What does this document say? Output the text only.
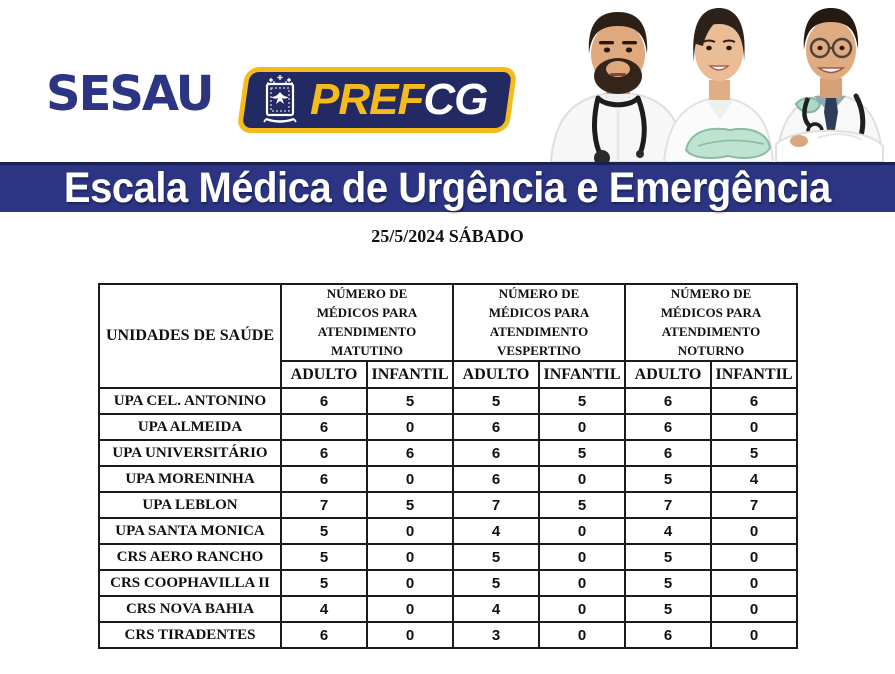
SESAU PREFCG
Escala Médica de Urgência e Emergência
25/5/2024 SÁBADO
UNIDADES DE SAÚDE	NÚMERO DE MÉDICOS PARA ATENDIMENTO MATUTINO		NÚMERO DE MÉDICOS PARA ATENDIMENTO VESPERTINO		NÚMERO DE MÉDICOS PARA ATENDIMENTO NOTURNO	
	ADULTO	INFANTIL	ADULTO	INFANTIL	ADULTO	INFANTIL
UPA CEL. ANTONINO	6	5	5	5	6	6
UPA ALMEIDA	6	0	6	0	6	0
UPA UNIVERSITÁRIO	6	6	6	5	6	5
UPA MORENINHA	6	0	6	0	5	4
UPA LEBLON	7	5	7	5	7	7
UPA SANTA MONICA	5	0	4	0	4	0
CRS AERO RANCHO	5	0	5	0	5	0
CRS COOPHAVILLA II	5	0	5	0	5	0
CRS NOVA BAHIA	4	0	4	0	5	0
CRS TIRADENTES	6	0	3	0	6	0
